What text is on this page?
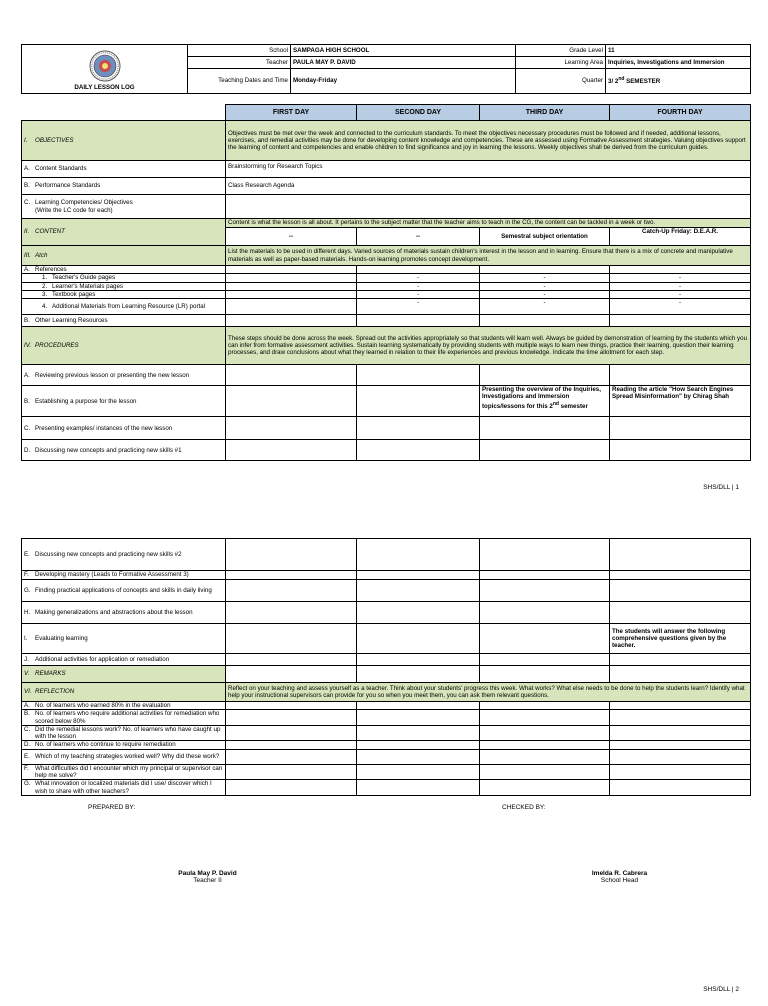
DAILY LESSON LOG	School	SAMPAGA HIGH SCHOOL	Grade Level	11
	Teacher	PAULA MAY P. DAVID	Learning Area	Inquiries, Investigations and Immersion
	Teaching Dates and Time	Monday-Friday	Quarter	3/ 2nd SEMESTER
	FIRST DAY	SECOND DAY	THIRD DAY	FOURTH DAY

I. OBJECTIVES	Objectives must be met over the week and connected to the curriculum standards. To meet the objectives necessary procedures must be followed and if needed, additional lessons, exercises, and remedial activities may be done for developing content knowledge and competencies. These are assessed using Formative Assessment strategies. Valuing objectives support the learning of content and competencies and enable children to find significance and joy in learning the lessons. Weekly objectives shall be derived from the curriculum guides.			

A. Content Standards	Brainstorming for Research Topics			

B. Performance Standards	Class Research Agenda			

C. Learning Competencies/ Objectives
(Write the LC code for each)				

II. CONTENT	Content is what the lesson is all about. It pertains to the subject matter that the teacher aims to teach in the CG, the content can be tackled in a week or two.			
	--	--	Semestral subject orientation	Catch-Up Friday: D.E.A.R.

III. Atch	List the materials to be used in different days. Varied sources of materials sustain children's interest in the lesson and in learning. Ensure that there is a mix of concrete and manipulative materials as well as paper-based materials. Hands-on learning promotes concept development.			

A. References				

1. Teacher's Guide pages		-	-	-

2. Learner's Materials pages		-	-	-

3. Textbook pages		-	-	-

4. Additional Materials from Learning Resource (LR) portal		-	-	-

B. Other Learning Resources				

IV. PROCEDURES	These steps should be done across the week. Spread out the activities appropriately so that students will learn well. Always be guided by demonstration of learning by the students which you can infer from formative assessment activities. Sustain learning systematically by providing students with multiple ways to learn new things, practice their learning, question their learning processes, and draw conclusions about what they learned in relation to their life experiences and previous knowledge. Indicate the time allotment for each step.			

A. Reviewing previous lesson or presenting the new lesson				

B. Establishing a purpose for the lesson			Presenting the overview of the Inquiries, Investigations and Immersion topics/lessons for this 2nd semester	Reading the article "How Search Engines Spread Misinformation" by Chirag Shah

C. Presenting examples/ instances of the new lesson				

D. Discussing new concepts and practicing new skills #1				

SHS/DLL | 1
E. Discussing new concepts and practicing new skills #2				

F. Developing mastery (Leads to Formative Assessment 3)				

G. Finding practical applications of concepts and skills in daily living				

H. Making generalizations and abstractions about the lesson				

I. Evaluating learning				The students will answer the following comprehensive questions given by the teacher.

J. Additional activities for application or remediation				

V. REMARKS				

VI. REFLECTION	Reflect on your teaching and assess yourself as a teacher. Think about your students' progress this week. What works? What else needs to be done to help the students learn? Identify what help your instructional supervisors can provide for you so when you meet them, you can ask them relevant questions.			

A. No. of learners who earned 80% in the evaluation				

B. No. of learners who require additional activities for remediation who scored below 80%				

C. Did the remedial lessons work? No. of learners who have caught up with the lesson				

D. No. of learners who continue to require remediation				

E. Which of my teaching strategies worked well? Why did these work?				

F. What difficulties did I encounter which my principal or supervisor can help me solve?				

G. What innovation or localized materials did I use/ discover which I wish to share with other teachers?				

PREPARED BY:	CHECKED BY:
Paula May P. David
Teacher II
Imelda R. Cabrera
School Head
SHS/DLL | 2
